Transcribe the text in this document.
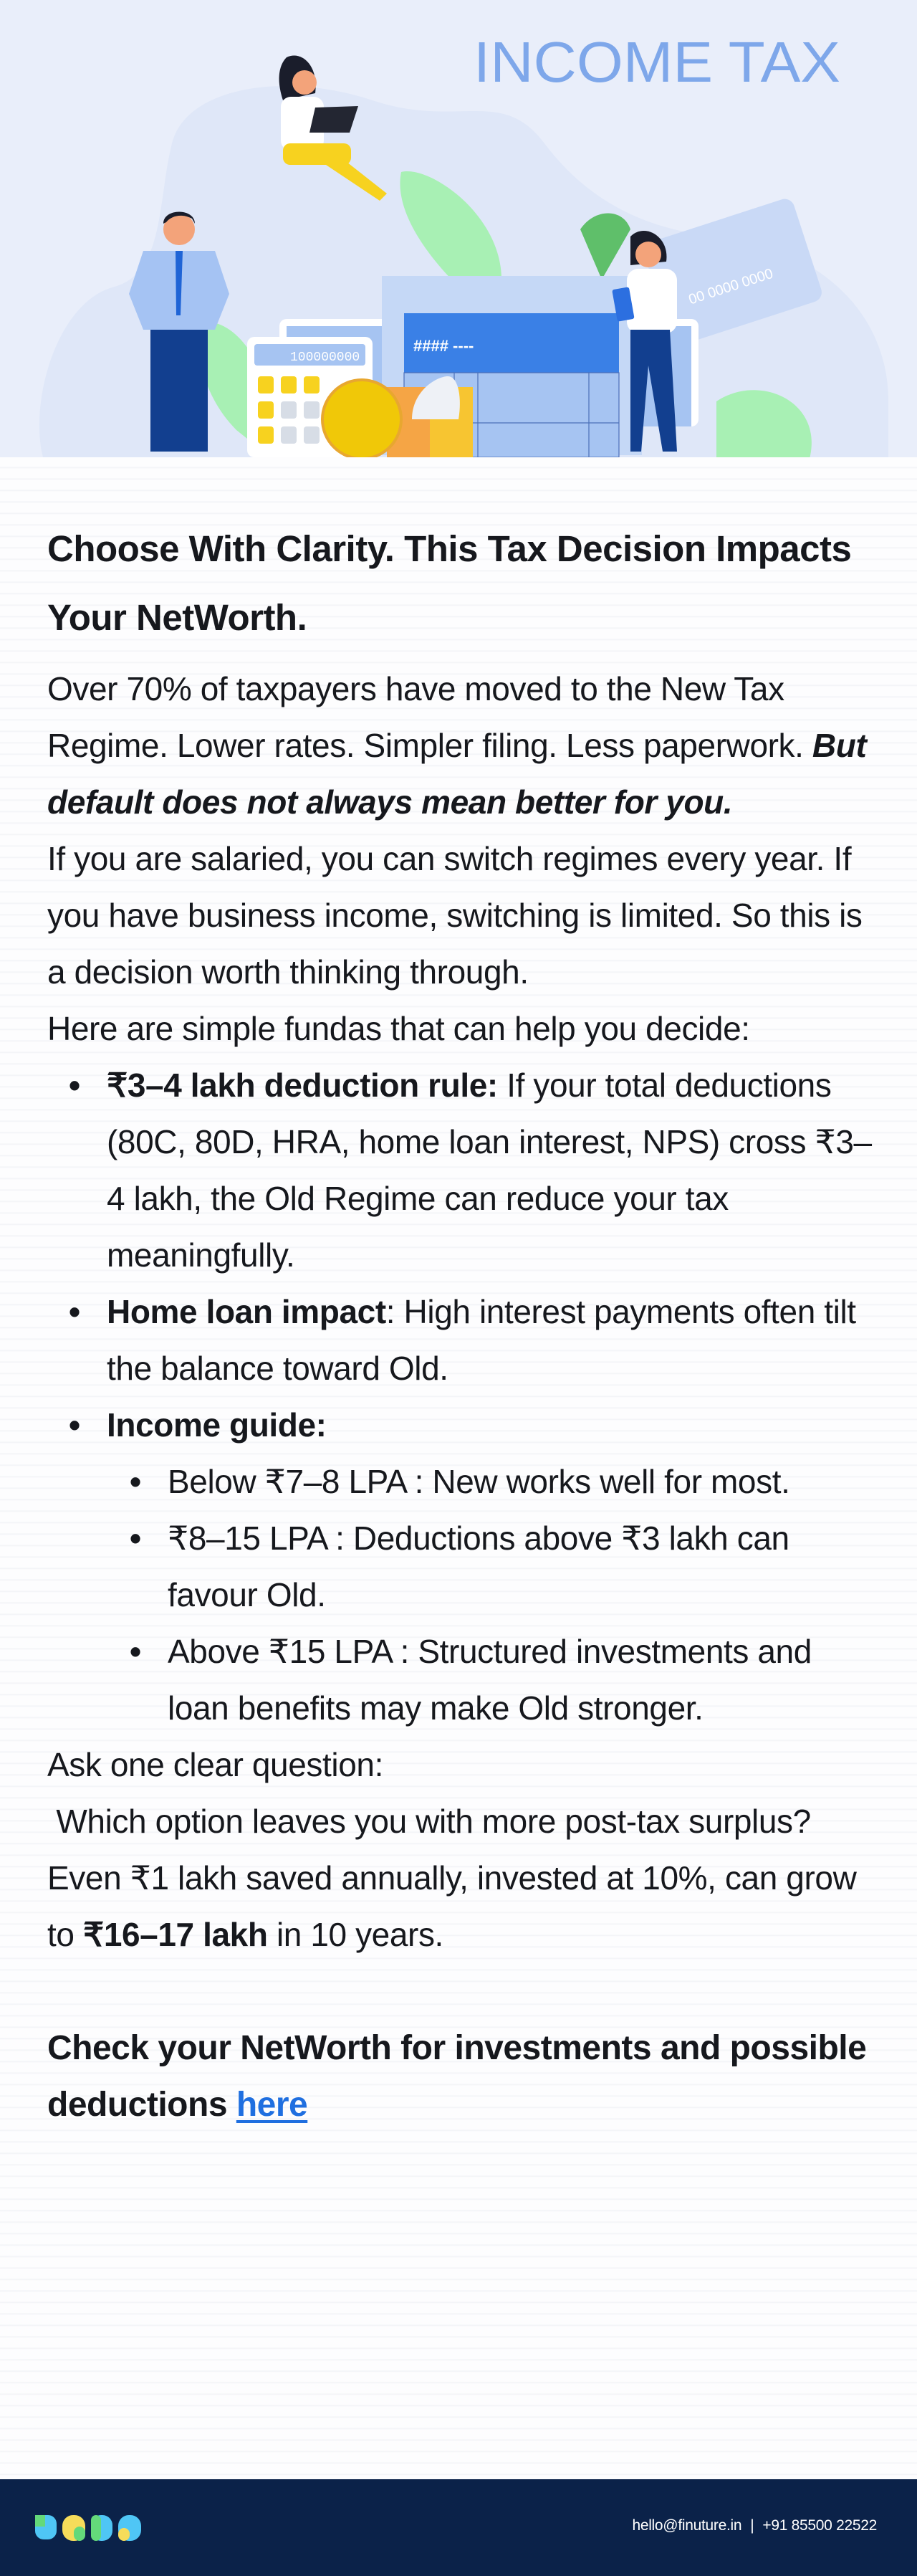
00 0000 0000
#### ----
100000000
INCOME TAX
Choose With Clarity. This Tax Decision Impacts Your NetWorth.

Over 70% of taxpayers have moved to the New Tax Regime. Lower rates. Simpler filing. Less paperwork. But default does not always mean better for you.

If you are salaried, you can switch regimes every year. If you have business income, switching is limited. So this is a decision worth thinking through.

Here are simple fundas that can help you decide:

• ₹3–4 lakh deduction rule: If your total deductions (80C, 80D, HRA, home loan interest, NPS) cross ₹3–4 lakh, the Old Regime can reduce your tax meaningfully.
• Home loan impact: High interest payments often tilt the balance toward Old.
• Income guide:
• Below ₹7–8 LPA : New works well for most.
• ₹8–15 LPA : Deductions above ₹3 lakh can favour Old.
• Above ₹15 LPA : Structured investments and loan benefits may make Old stronger.

Ask one clear question:

Which option leaves you with more post-tax surplus?

Even ₹1 lakh saved annually, invested at 10%, can grow to ₹16–17 lakh in 10 years.

Check your NetWorth for investments and possible deductions here

hello@finuture.in | +91 85500 22522
